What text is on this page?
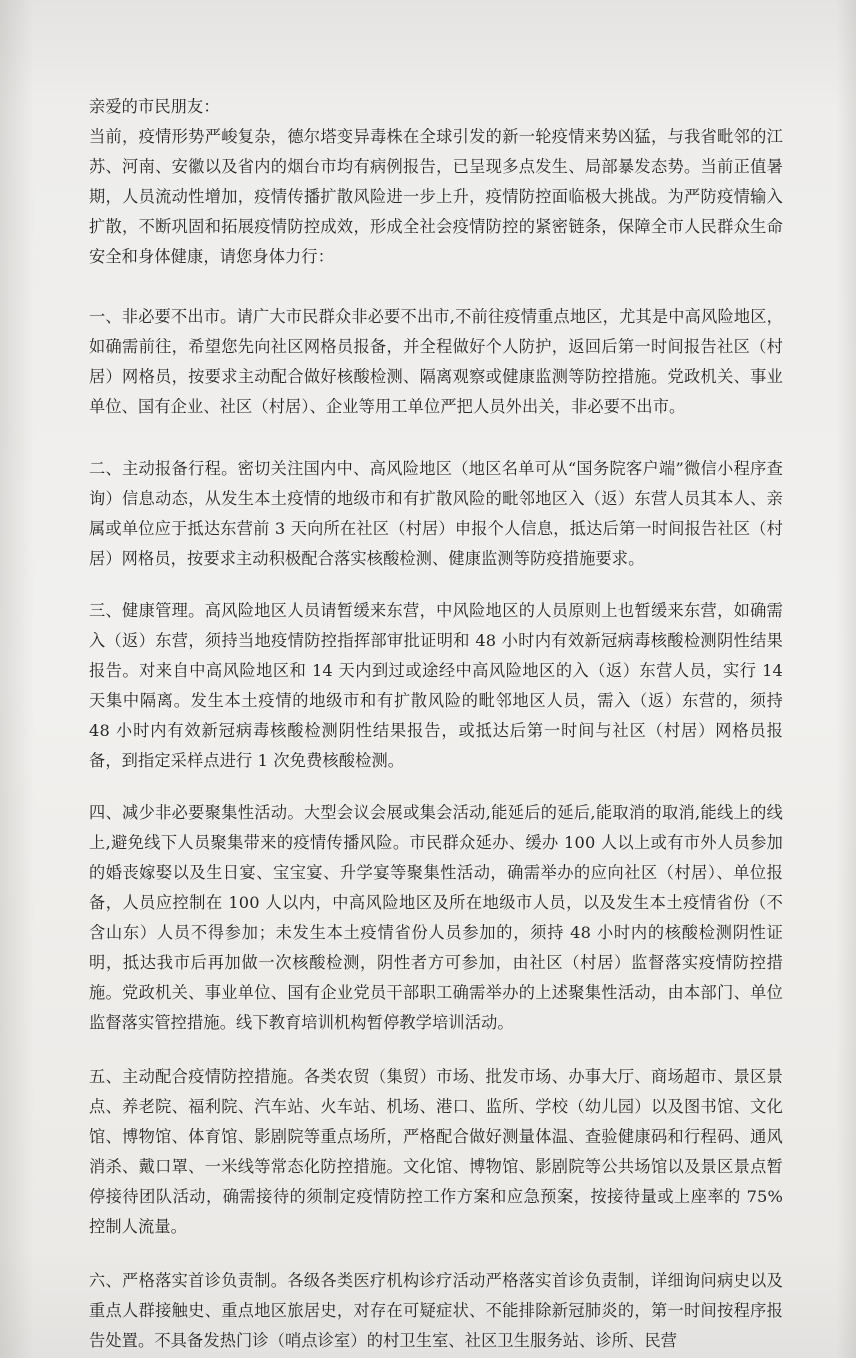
亲爱的市民朋友：

当前，疫情形势严峻复杂，德尔塔变异毒株在全球引发的新一轮疫情来势凶猛，与我省毗邻的江苏、河南、安徽以及省内的烟台市均有病例报告，已呈现多点发生、局部暴发态势。当前正值暑期，人员流动性增加，疫情传播扩散风险进一步上升，疫情防控面临极大挑战。为严防疫情输入扩散，不断巩固和拓展疫情防控成效，形成全社会疫情防控的紧密链条，保障全市人民群众生命安全和身体健康，请您身体力行：

一、非必要不出市。请广大市民群众非必要不出市,不前往疫情重点地区，尤其是中高风险地区，如确需前往，希望您先向社区网格员报备，并全程做好个人防护，返回后第一时间报告社区（村居）网格员，按要求主动配合做好核酸检测、隔离观察或健康监测等防控措施。党政机关、事业单位、国有企业、社区（村居）、企业等用工单位严把人员外出关，非必要不出市。

二、主动报备行程。密切关注国内中、高风险地区（地区名单可从“国务院客户端”微信小程序查询）信息动态，从发生本土疫情的地级市和有扩散风险的毗邻地区入（返）东营人员其本人、亲属或单位应于抵达东营前 3 天向所在社区（村居）申报个人信息，抵达后第一时间报告社区（村居）网格员，按要求主动积极配合落实核酸检测、健康监测等防疫措施要求。

三、健康管理。高风险地区人员请暂缓来东营，中风险地区的人员原则上也暂缓来东营，如确需入（返）东营，须持当地疫情防控指挥部审批证明和 48 小时内有效新冠病毒核酸检测阴性结果报告。对来自中高风险地区和 14 天内到过或途经中高风险地区的入（返）东营人员，实行 14 天集中隔离。发生本土疫情的地级市和有扩散风险的毗邻地区人员，需入（返）东营的，须持 48 小时内有效新冠病毒核酸检测阴性结果报告，或抵达后第一时间与社区（村居）网格员报备，到指定采样点进行 1 次免费核酸检测。

四、减少非必要聚集性活动。大型会议会展或集会活动,能延后的延后,能取消的取消,能线上的线上,避免线下人员聚集带来的疫情传播风险。市民群众延办、缓办 100 人以上或有市外人员参加的婚丧嫁娶以及生日宴、宝宝宴、升学宴等聚集性活动，确需举办的应向社区（村居）、单位报备，人员应控制在 100 人以内，中高风险地区及所在地级市人员，以及发生本土疫情省份（不含山东）人员不得参加；未发生本土疫情省份人员参加的，须持 48 小时内的核酸检测阴性证明，抵达我市后再加做一次核酸检测，阴性者方可参加，由社区（村居）监督落实疫情防控措施。党政机关、事业单位、国有企业党员干部职工确需举办的上述聚集性活动，由本部门、单位监督落实管控措施。线下教育培训机构暂停教学培训活动。

五、主动配合疫情防控措施。各类农贸（集贸）市场、批发市场、办事大厅、商场超市、景区景点、养老院、福利院、汽车站、火车站、机场、港口、监所、学校（幼儿园）以及图书馆、文化馆、博物馆、体育馆、影剧院等重点场所，严格配合做好测量体温、查验健康码和行程码、通风消杀、戴口罩、一米线等常态化防控措施。文化馆、博物馆、影剧院等公共场馆以及景区景点暂停接待团队活动，确需接待的须制定疫情防控工作方案和应急预案，按接待量或上座率的 75%控制人流量。

六、严格落实首诊负责制。各级各类医疗机构诊疗活动严格落实首诊负责制，详细询问病史以及重点人群接触史、重点地区旅居史，对存在可疑症状、不能排除新冠肺炎的，第一时间按程序报告处置。不具备发热门诊（哨点诊室）的村卫生室、社区卫生服务站、诊所、民营
